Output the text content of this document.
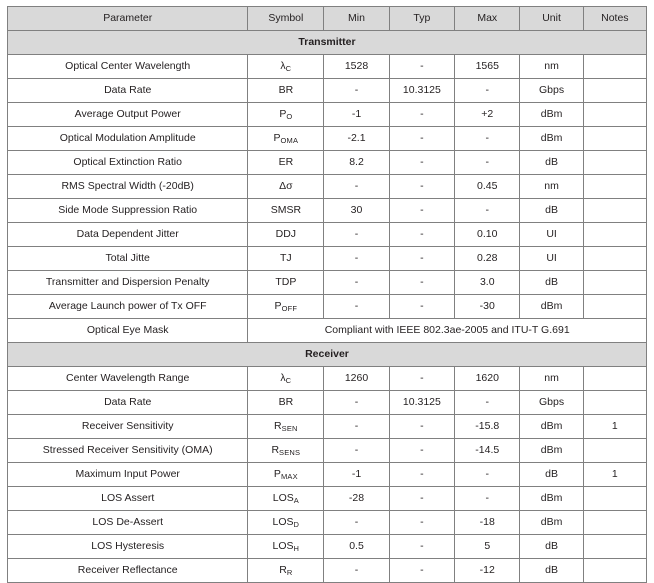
Parameter	Symbol	Min	Typ	Max	Unit	Notes
Transmitter						
Optical Center Wavelength	λC	1528	-	1565	nm	
Data Rate	BR	-	10.3125	-	Gbps	
Average Output Power	PO	-1	-	+2	dBm	
Optical Modulation Amplitude	POMA	-2.1	-	-	dBm	
Optical Extinction Ratio	ER	8.2	-	-	dB	
RMS Spectral Width (-20dB)	Δσ	-	-	0.45	nm	
Side Mode Suppression Ratio	SMSR	30	-	-	dB	
Data Dependent Jitter	DDJ	-	-	0.10	UI	
Total Jitte	TJ	-	-	0.28	UI	
Transmitter and Dispersion Penalty	TDP	-	-	3.0	dB	
Average Launch power of Tx OFF	POFF	-	-	-30	dBm	
Optical Eye Mask	Compliant with IEEE 802.3ae-2005 and ITU-T G.691					
Receiver						
Center Wavelength Range	λC	1260	-	1620	nm	
Data Rate	BR	-	10.3125	-	Gbps	
Receiver Sensitivity	RSEN	-	-	-15.8	dBm	1
Stressed Receiver Sensitivity (OMA)	RSENS	-	-	-14.5	dBm	
Maximum Input Power	PMAX	-1	-	-	dB	1
LOS Assert	LOSA	-28	-	-	dBm	
LOS De-Assert	LOSD	-	-	-18	dBm	
LOS Hysteresis	LOSH	0.5	-	5	dB	
Receiver Reflectance	RR	-	-	-12	dB	
